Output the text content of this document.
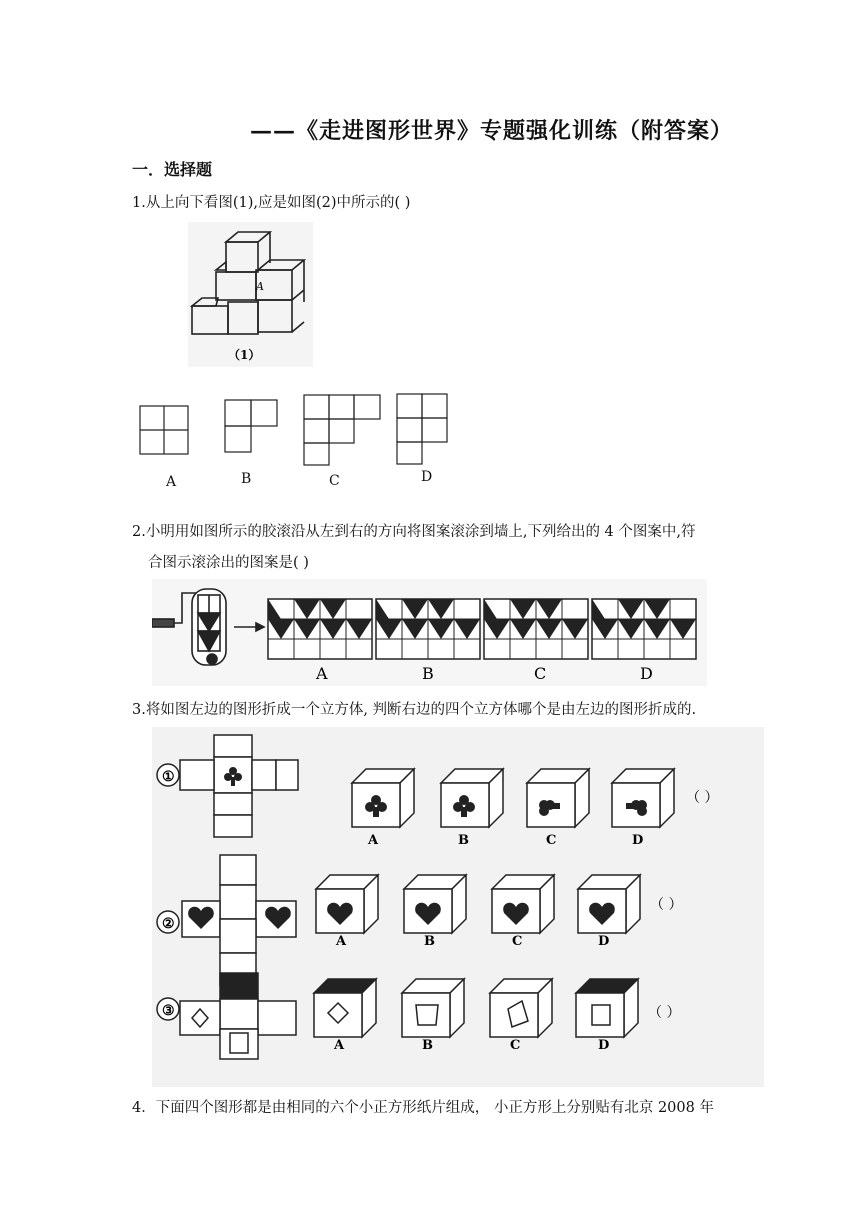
——《走进图形世界》专题强化训练（附答案）
一．选择题
1.从上向下看图(1),应是如图(2)中所示的( )
A
（1）
A	B	C	D
2.小明用如图所示的胶滚沿从左到右的方向将图案滚涂到墙上,下列给出的 4 个图案中,符
合图示滚涂出的图案是( )
A	B	C	D
3.将如图左边的图形折成一个立方体, 判断右边的四个立方体哪个是由左边的图形折成的.
①
A	B	C	D
（ ）
②
A	B	C	D
（ ）
③
A	B	C	D
（ ）
4．下面四个图形都是由相同的六个小正方形纸片组成， 小正方形上分别贴有北京 2008 年
